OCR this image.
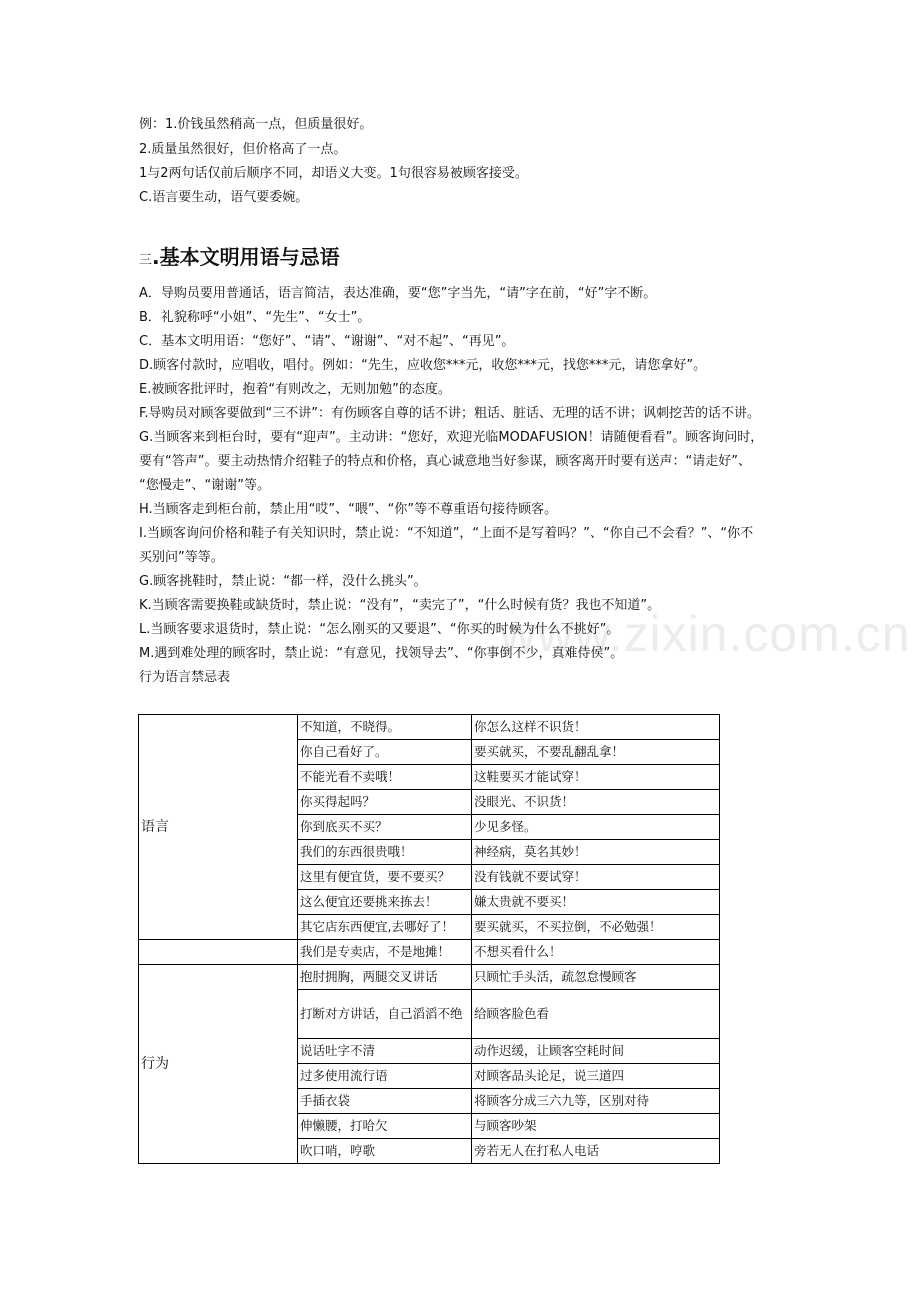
www.zixin.com.cn

例：1.价钱虽然稍高一点，但质量很好。

2.质量虽然很好，但价格高了一点。

1与2两句话仅前后顺序不同，却语义大变。1句很容易被顾客接受。

C.语言要生动，语气要委婉。

三.基本文明用语与忌语

A．导购员要用普通话，语言简洁，表达准确，要“您”字当先，“请”字在前，“好”字不断。

B．礼貌称呼“小姐”、“先生”、“女士”。

C．基本文明用语：“您好”、“请”、“谢谢”、“对不起”、“再见”。

D.顾客付款时，应唱收，唱付。例如：“先生，应收您***元，收您***元，找您***元，请您拿好”。

E.被顾客批评时，抱着“有则改之，无则加勉”的态度。

F.导购员对顾客要做到“三不讲”：有伤顾客自尊的话不讲；粗话、脏话、无理的话不讲；讽刺挖苦的话不讲。

G.当顾客来到柜台时，要有“迎声”。主动讲：“您好，欢迎光临MODAFUSION！请随便看看”。顾客询问时，

要有“答声”。要主动热情介绍鞋子的特点和价格，真心诚意地当好参谋，顾客离开时要有送声：“请走好”、

“您慢走”、“谢谢”等。

H.当顾客走到柜台前，禁止用“哎”、“喂”、“你”等不尊重语句接待顾客。

I.当顾客询问价格和鞋子有关知识时，禁止说：“不知道”，“上面不是写着吗？”、“你自己不会看？”、“你不

买别问”等等。

G.顾客挑鞋时，禁止说：“都一样，没什么挑头”。

K.当顾客需要换鞋或缺货时，禁止说：“没有”，“卖完了”，“什么时候有货？我也不知道”。

L.当顾客要求退货时，禁止说：“怎么刚买的又要退”、“你买的时候为什么不挑好”。

M.遇到难处理的顾客时，禁止说：“有意见，找领导去”、“你事倒不少，真难侍侯”。

行为语言禁忌表

语言	不知道，不晓得。	你怎么这样不识货！
	你自己看好了。	要买就买，不要乱翻乱拿！
	不能光看不卖哦！	这鞋要买才能试穿！
	你买得起吗？	没眼光、不识货！
	你到底买不买？	少见多怪。
	我们的东西很贵哦！	神经病，莫名其妙！
	这里有便宜货，要不要买？	没有钱就不要试穿！
	这么便宜还要挑来拣去！	嫌太贵就不要买！
	其它店东西便宜,去哪好了！	要买就买，不买拉倒，不必勉强！
	我们是专卖店，不是地摊！	不想买看什么！
行为	抱肘拥胸，两腿交叉讲话	只顾忙手头活，疏忽怠慢顾客
	打断对方讲话，自己滔滔不绝	给顾客脸色看
	说话吐字不清	动作迟缓，让顾客空耗时间
	过多使用流行语	对顾客品头论足，说三道四
	手插衣袋	将顾客分成三六九等，区别对待
	伸懒腰，打哈欠	与顾客吵架
	吹口哨，哼歌	旁若无人在打私人电话
